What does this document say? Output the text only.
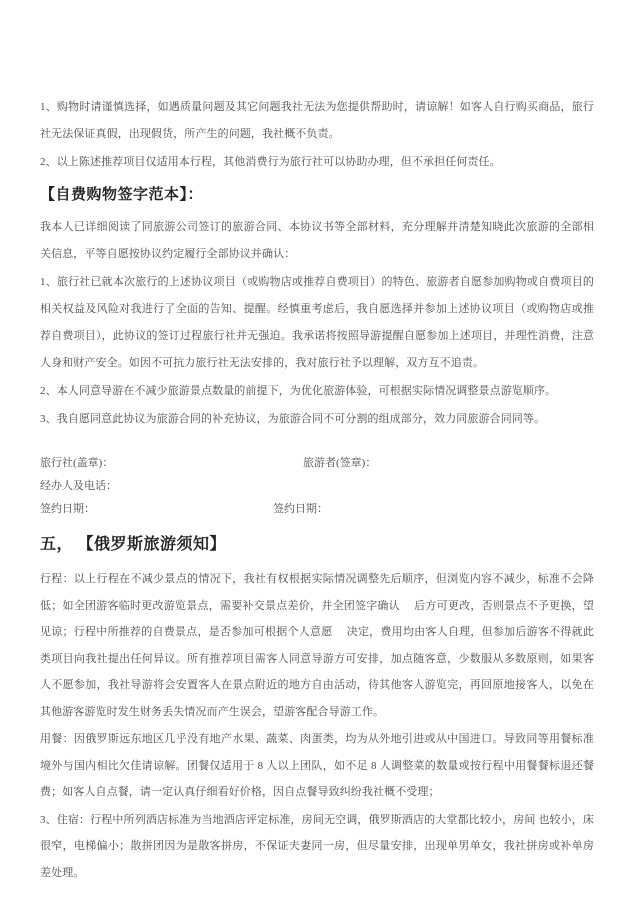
1、购物时请谨慎选择，如遇质量问题及其它问题我社无法为您提供帮助时，请谅解！如客人自行购买商品，旅行社无法保证真假，出现假货，所产生的问题，我社概不负责。

2、以上陈述推荐项目仅适用本行程，其他消费行为旅行社可以协助办理，但不承担任何责任。

【自费购物签字范本】：

我本人已详细阅读了同旅游公司签订的旅游合同、本协议书等全部材料，充分理解并清楚知晓此次旅游的全部相关信息，平等自愿按协议约定履行全部协议并确认：

1、旅行社已就本次旅行的上述协议项目（或购物店或推荐自费项目）的特色、旅游者自愿参加购物或自费项目的相关权益及风险对我进行了全面的告知、提醒。经慎重考虑后，我自愿选择并参加上述协议项目（或购物店或推荐自费项目），此协议的签订过程旅行社并无强迫。我承诺将按照导游提醒自愿参加上述项目，并理性消费，注意人身和财产安全。如因不可抗力旅行社无法安排的，我对旅行社予以理解，双方互不追责。

2、本人同意导游在不减少旅游景点数量的前提下，为优化旅游体验，可根据实际情况调整景点游览顺序。

3、我自愿同意此协议为旅游合同的补充协议，为旅游合同不可分割的组成部分，效力同旅游合同同等。

旅行社(盖章)：	旅游者(签章)：
经办人及电话：
签约日期：	签约日期：
五， 【俄罗斯旅游须知】

行程：以上行程在不减少景点的情况下，我社有权根据实际情况调整先后顺序，但浏览内容不减少，标准不会降低；如全团游客临时更改游览景点，需要补交景点差价，并全团签字确认　 后方可更改，否则景点不予更换，望见谅；行程中所推荐的自费景点，是否参加可根据个人意愿　 决定，费用均由客人自理，但参加后游客不得就此类项目向我社提出任何异议。所有推荐项目需客人同意导游方可安排，加点随客意，少数服从多数原则，如果客人不愿参加，我社导游将会安置客人在景点附近的地方自由活动，待其他客人游览完，再回原地接客人，以免在其他游客游览时发生财务丢失情况而产生误会，望游客配合导游工作。

用餐：因俄罗斯远东地区几乎没有地产水果、蔬菜、肉蛋类，均为从外地引进或从中国进口。导致同等用餐标准境外与国内相比欠佳请谅解。团餐仅适用于 8 人以上团队，如不足 8 人调整菜的数量或按行程中用餐餐标退还餐费；如客人自点餐，请一定认真仔细看好价格，因自点餐导致纠纷我社概不受理；

3、住宿：行程中所列酒店标准为当地酒店评定标准，房间无空调，俄罗斯酒店的大堂都比较小，房间 也较小，床很窄，电梯偏小；散拼团因为是散客拼房，不保证夫妻同一房，但尽量安排，出现单男单女，我社拼房或补单房差处理。
